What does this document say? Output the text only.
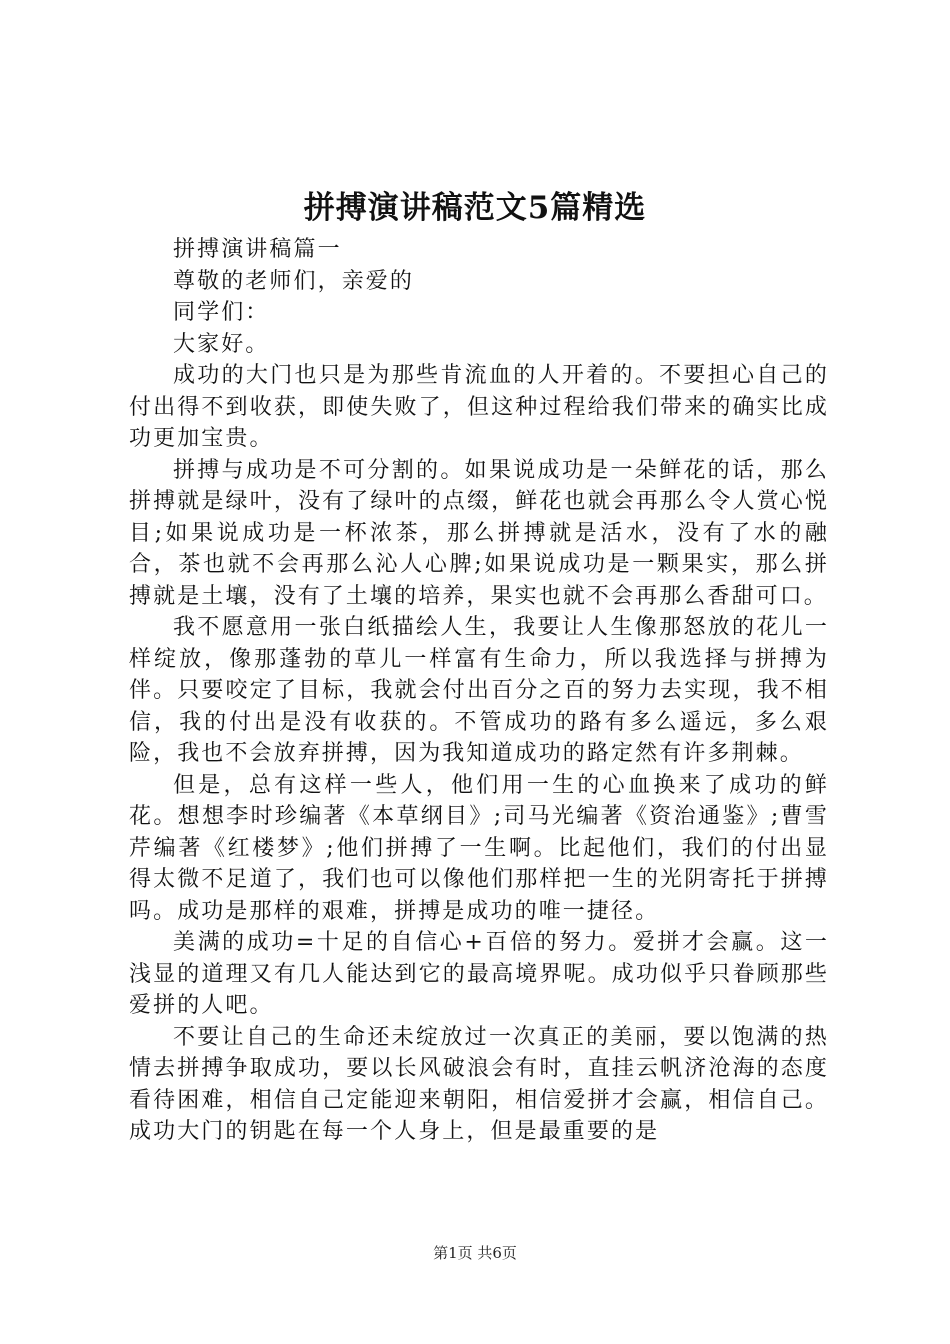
拼搏演讲稿范文5篇精选

拼搏演讲稿篇一

尊敬的老师们，亲爱的

同学们：

大家好。

成功的大门也只是为那些肯流血的人开着的。不要担心自己的付出得不到收获，即使失败了，但这种过程给我们带来的确实比成功更加宝贵。

拼搏与成功是不可分割的。如果说成功是一朵鲜花的话，那么拼搏就是绿叶，没有了绿叶的点缀，鲜花也就会再那么令人赏心悦目;如果说成功是一杯浓茶，那么拼搏就是活水，没有了水的融合，茶也就不会再那么沁人心脾;如果说成功是一颗果实，那么拼搏就是土壤，没有了土壤的培养，果实也就不会再那么香甜可口。

我不愿意用一张白纸描绘人生，我要让人生像那怒放的花儿一样绽放，像那蓬勃的草儿一样富有生命力，所以我选择与拼搏为伴。只要咬定了目标，我就会付出百分之百的努力去实现，我不相信，我的付出是没有收获的。不管成功的路有多么遥远，多么艰险，我也不会放弃拼搏，因为我知道成功的路定然有许多荆棘。

但是，总有这样一些人，他们用一生的心血换来了成功的鲜花。想想李时珍编著《本草纲目》;司马光编著《资治通鉴》;曹雪芹编著《红楼梦》;他们拼搏了一生啊。比起他们，我们的付出显得太微不足道了，我们也可以像他们那样把一生的光阴寄托于拼搏吗。成功是那样的艰难，拼搏是成功的唯一捷径。

美满的成功=十足的自信心+百倍的努力。爱拼才会赢。这一浅显的道理又有几人能达到它的最高境界呢。成功似乎只眷顾那些爱拼的人吧。

不要让自己的生命还未绽放过一次真正的美丽，要以饱满的热情去拼搏争取成功，要以长风破浪会有时，直挂云帆济沧海的态度看待困难，相信自己定能迎来朝阳，相信爱拼才会赢，相信自己。成功大门的钥匙在每一个人身上，但是最重要的是

第1页 共6页
